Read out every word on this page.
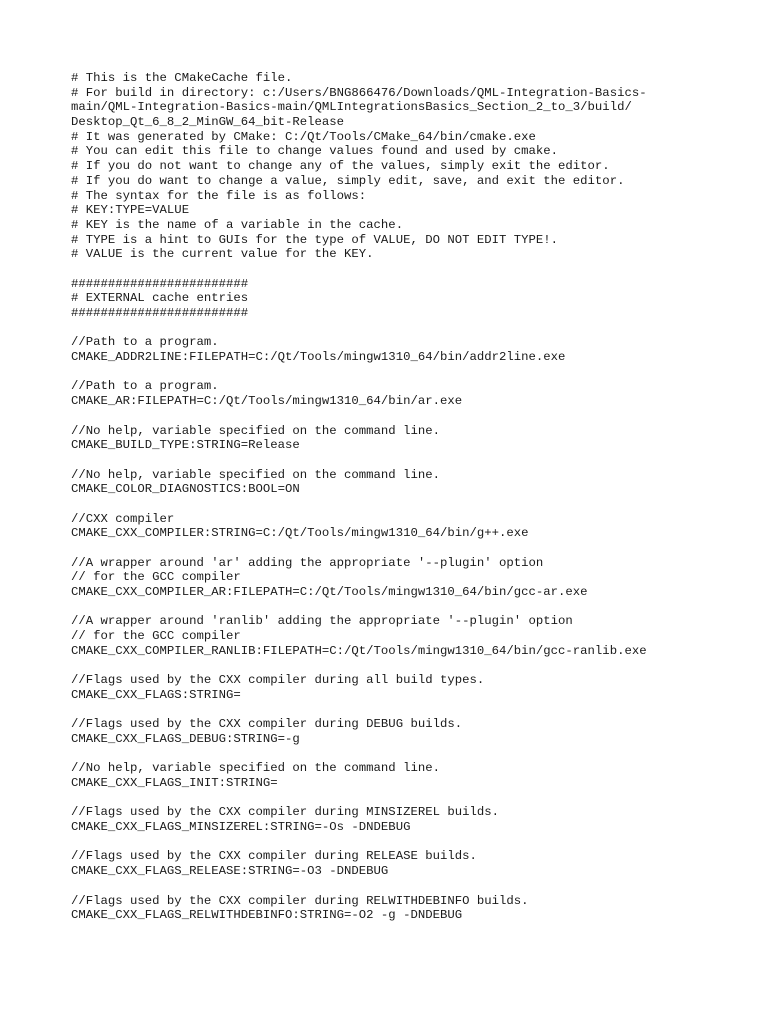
# This is the CMakeCache file.
# For build in directory: c:/Users/BNG866476/Downloads/QML-Integration-Basics-
main/QML-Integration-Basics-main/QMLIntegrationsBasics_Section_2_to_3/build/
Desktop_Qt_6_8_2_MinGW_64_bit-Release
# It was generated by CMake: C:/Qt/Tools/CMake_64/bin/cmake.exe
# You can edit this file to change values found and used by cmake.
# If you do not want to change any of the values, simply exit the editor.
# If you do want to change a value, simply edit, save, and exit the editor.
# The syntax for the file is as follows:
# KEY:TYPE=VALUE
# KEY is the name of a variable in the cache.
# TYPE is a hint to GUIs for the type of VALUE, DO NOT EDIT TYPE!.
# VALUE is the current value for the KEY.
########################
# EXTERNAL cache entries
########################
//Path to a program.
CMAKE_ADDR2LINE:FILEPATH=C:/Qt/Tools/mingw1310_64/bin/addr2line.exe
//Path to a program.
CMAKE_AR:FILEPATH=C:/Qt/Tools/mingw1310_64/bin/ar.exe
//No help, variable specified on the command line.
CMAKE_BUILD_TYPE:STRING=Release
//No help, variable specified on the command line.
CMAKE_COLOR_DIAGNOSTICS:BOOL=ON
//CXX compiler
CMAKE_CXX_COMPILER:STRING=C:/Qt/Tools/mingw1310_64/bin/g++.exe
//A wrapper around 'ar' adding the appropriate '--plugin' option
// for the GCC compiler
CMAKE_CXX_COMPILER_AR:FILEPATH=C:/Qt/Tools/mingw1310_64/bin/gcc-ar.exe
//A wrapper around 'ranlib' adding the appropriate '--plugin' option
// for the GCC compiler
CMAKE_CXX_COMPILER_RANLIB:FILEPATH=C:/Qt/Tools/mingw1310_64/bin/gcc-ranlib.exe
//Flags used by the CXX compiler during all build types.
CMAKE_CXX_FLAGS:STRING=
//Flags used by the CXX compiler during DEBUG builds.
CMAKE_CXX_FLAGS_DEBUG:STRING=-g
//No help, variable specified on the command line.
CMAKE_CXX_FLAGS_INIT:STRING=
//Flags used by the CXX compiler during MINSIZEREL builds.
CMAKE_CXX_FLAGS_MINSIZEREL:STRING=-Os -DNDEBUG
//Flags used by the CXX compiler during RELEASE builds.
CMAKE_CXX_FLAGS_RELEASE:STRING=-O3 -DNDEBUG
//Flags used by the CXX compiler during RELWITHDEBINFO builds.
CMAKE_CXX_FLAGS_RELWITHDEBINFO:STRING=-O2 -g -DNDEBUG
